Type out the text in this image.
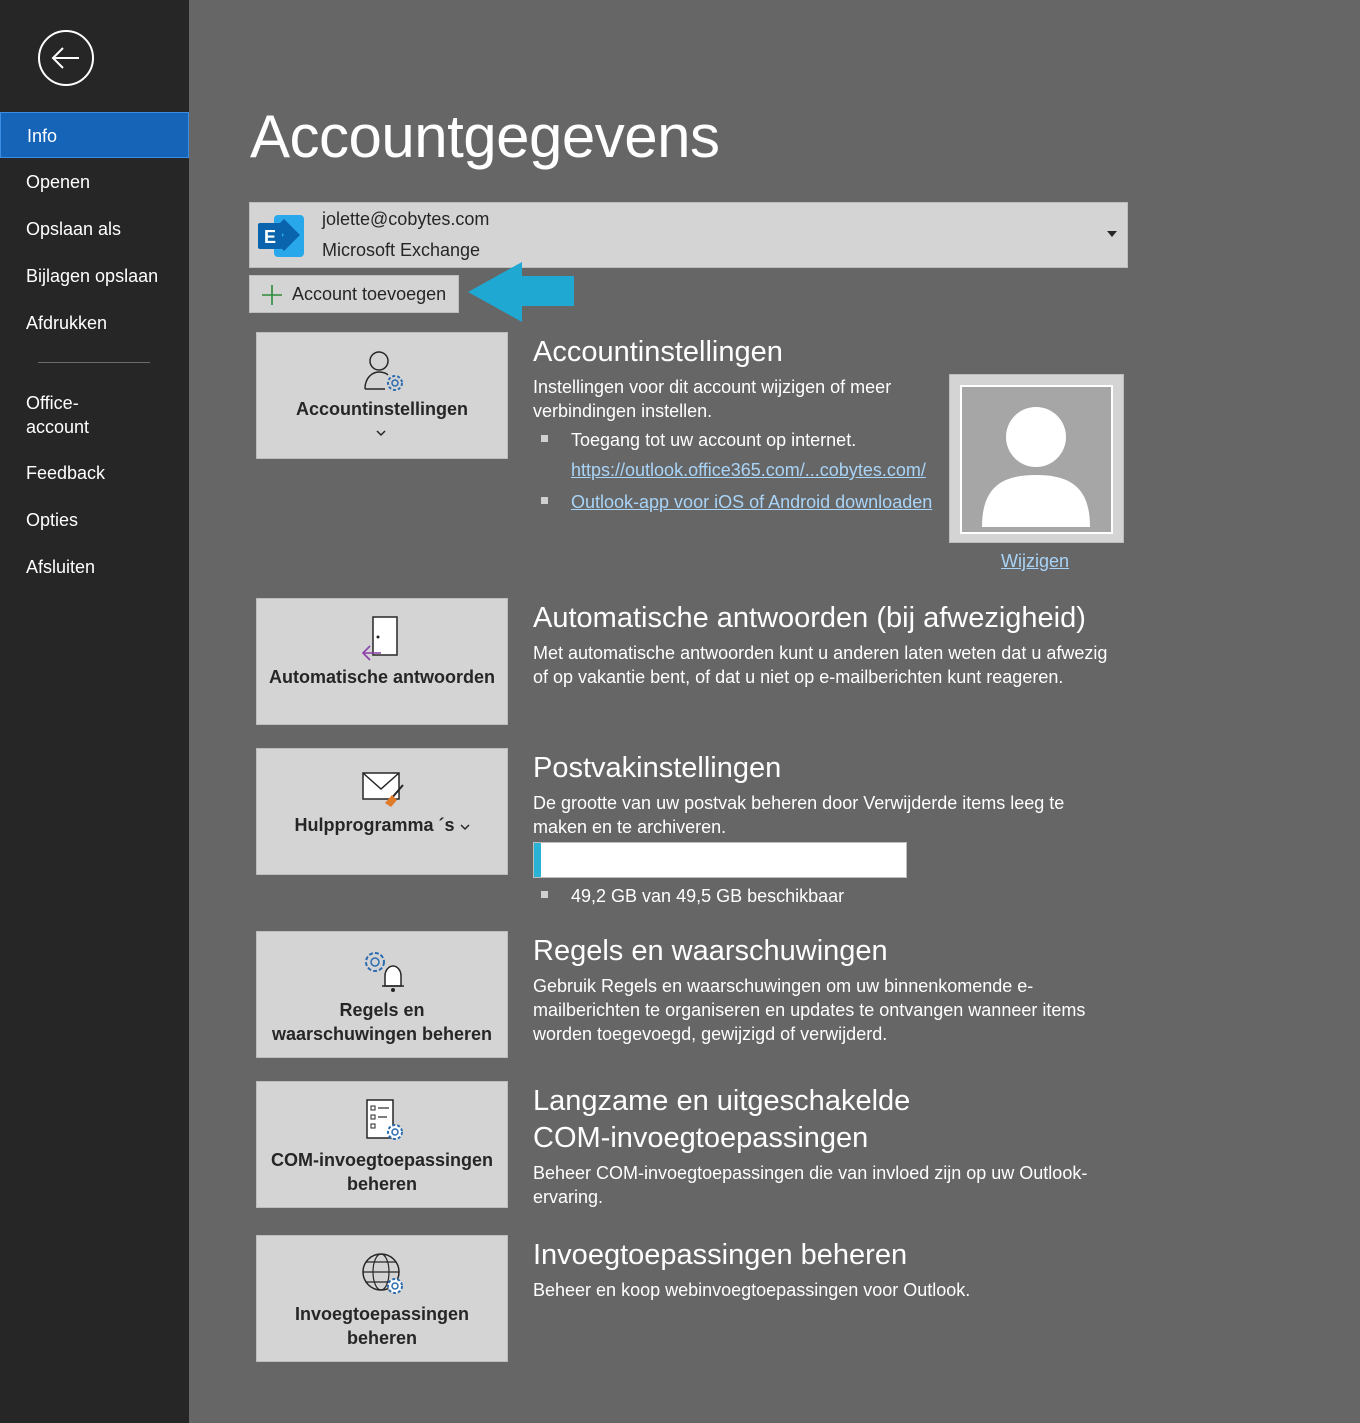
Info
Openen
Opslaan als
Bijlagen opslaan
Afdrukken
Office-
account
Feedback
Opties
Afsluiten
Accountgegevens
E
jolette@cobytes.com
Microsoft Exchange
Account toevoegen
Accountinstellingen
Accountinstellingen
Instellingen voor dit account wijzigen of meer verbindingen instellen.
Toegang tot uw account op internet.
https://outlook.office365.com/...cobytes.com/
Outlook-app voor iOS of Android downloaden
Wijzigen
Automatische antwoorden
Automatische antwoorden (bij afwezigheid)
Met automatische antwoorden kunt u anderen laten weten dat u afwezig of op vakantie bent, of dat u niet op e-mailberichten kunt reageren.
Hulpprogramma ´s
Postvakinstellingen
De grootte van uw postvak beheren door Verwijderde items leeg te maken en te archiveren.
49,2 GB van 49,5 GB beschikbaar
Regels en waarschuwingen beheren
Regels en waarschuwingen
Gebruik Regels en waarschuwingen om uw binnenkomende e-mailberichten te organiseren en updates te ontvangen wanneer items worden toegevoegd, gewijzigd of verwijderd.
COM-invoegtoepassingen beheren
Langzame en uitgeschakelde COM-invoegtoepassingen
Beheer COM-invoegtoepassingen die van invloed zijn op uw Outlook-ervaring.
Invoegtoepassingen beheren
Invoegtoepassingen beheren
Beheer en koop webinvoegtoepassingen voor Outlook.
